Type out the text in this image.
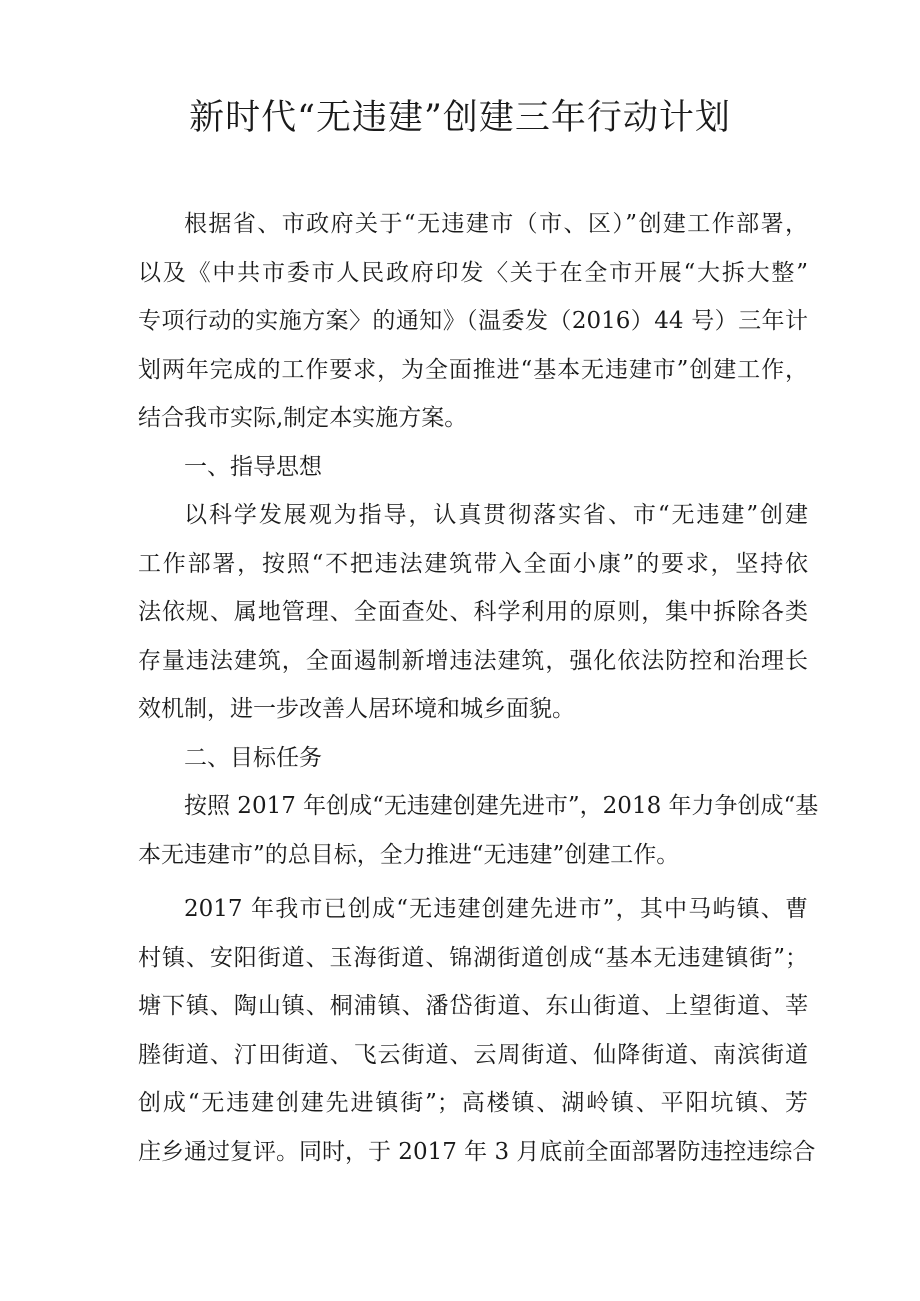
新时代“无违建”创建三年行动计划
根据省、市政府关于“无违建市（市、区）”创建工作部署，
以及《中共市委市人民政府印发〈关于在全市开展“大拆大整”
专项行动的实施方案〉的通知》（温委发（2016）44 号）三年计
划两年完成的工作要求，为全面推进“基本无违建市”创建工作，
结合我市实际,制定本实施方案。
一、指导思想
以科学发展观为指导，认真贯彻落实省、市“无违建”创建
工作部署，按照“不把违法建筑带入全面小康”的要求，坚持依
法依规、属地管理、全面查处、科学利用的原则，集中拆除各类
存量违法建筑，全面遏制新增违法建筑，强化依法防控和治理长
效机制，进一步改善人居环境和城乡面貌。
二、目标任务
按照 2017 年创成“无违建创建先进市”，2018 年力争创成“基
本无违建市”的总目标，全力推进“无违建”创建工作。
2017 年我市已创成“无违建创建先进市”，其中马屿镇、曹
村镇、安阳街道、玉海街道、锦湖街道创成“基本无违建镇街”；
塘下镇、陶山镇、桐浦镇、潘岱街道、东山街道、上望街道、莘
塍街道、汀田街道、飞云街道、云周街道、仙降街道、南滨街道
创成“无违建创建先进镇街”；高楼镇、湖岭镇、平阳坑镇、芳
庄乡通过复评。同时，于 2017 年 3 月底前全面部署防违控违综合
